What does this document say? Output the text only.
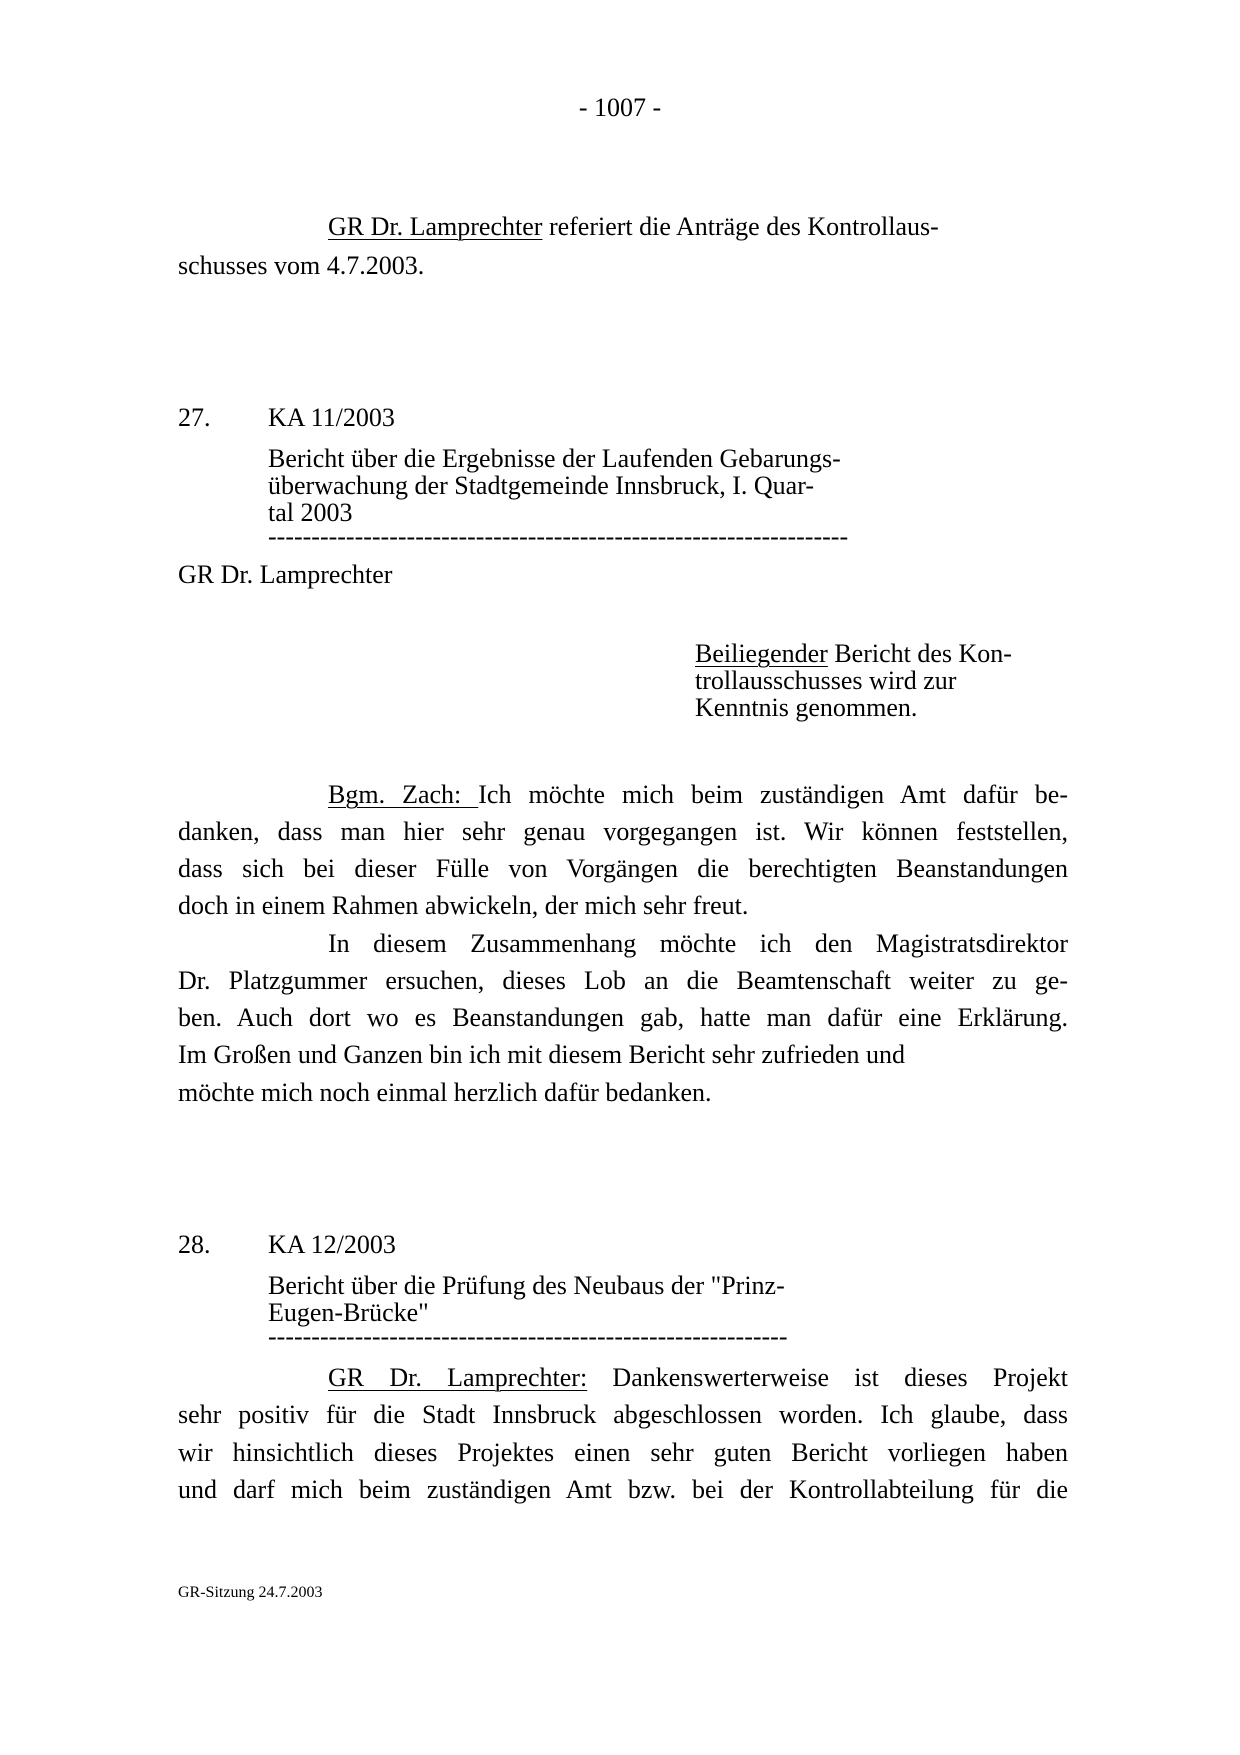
- 1007 -
GR Dr. Lamprechter referiert die Anträge des Kontrollaus-
schusses vom 4.7.2003.
27. KA 11/2003
Bericht über die Ergebnisse der Laufenden Gebarungs-
überwachung der Stadtgemeinde Innsbruck, I. Quar-
tal 2003
-------------------------------------------------------------------
GR Dr. Lamprechter
Beiliegender Bericht des Kon-
trollausschusses wird zur
Kenntnis genommen.
Bgm. Zach: Ich möchte mich beim zuständigen Amt dafür be-
danken, dass man hier sehr genau vorgegangen ist. Wir können feststellen,
dass sich bei dieser Fülle von Vorgängen die berechtigten Beanstandungen
doch in einem Rahmen abwickeln, der mich sehr freut.
In diesem Zusammenhang möchte ich den Magistratsdirektor
Dr. Platzgummer ersuchen, dieses Lob an die Beamtenschaft weiter zu ge-
ben. Auch dort wo es Beanstandungen gab, hatte man dafür eine Erklärung.
Im Großen und Ganzen bin ich mit diesem Bericht sehr zufrieden und
möchte mich noch einmal herzlich dafür bedanken.
28. KA 12/2003
Bericht über die Prüfung des Neubaus der "Prinz-
Eugen-Brücke"
------------------------------------------------------------
GR Dr. Lamprechter: Dankenswerterweise ist dieses Projekt
sehr positiv für die Stadt Innsbruck abgeschlossen worden. Ich glaube, dass
wir hinsichtlich dieses Projektes einen sehr guten Bericht vorliegen haben
und darf mich beim zuständigen Amt bzw. bei der Kontrollabteilung für die
GR-Sitzung 24.7.2003
